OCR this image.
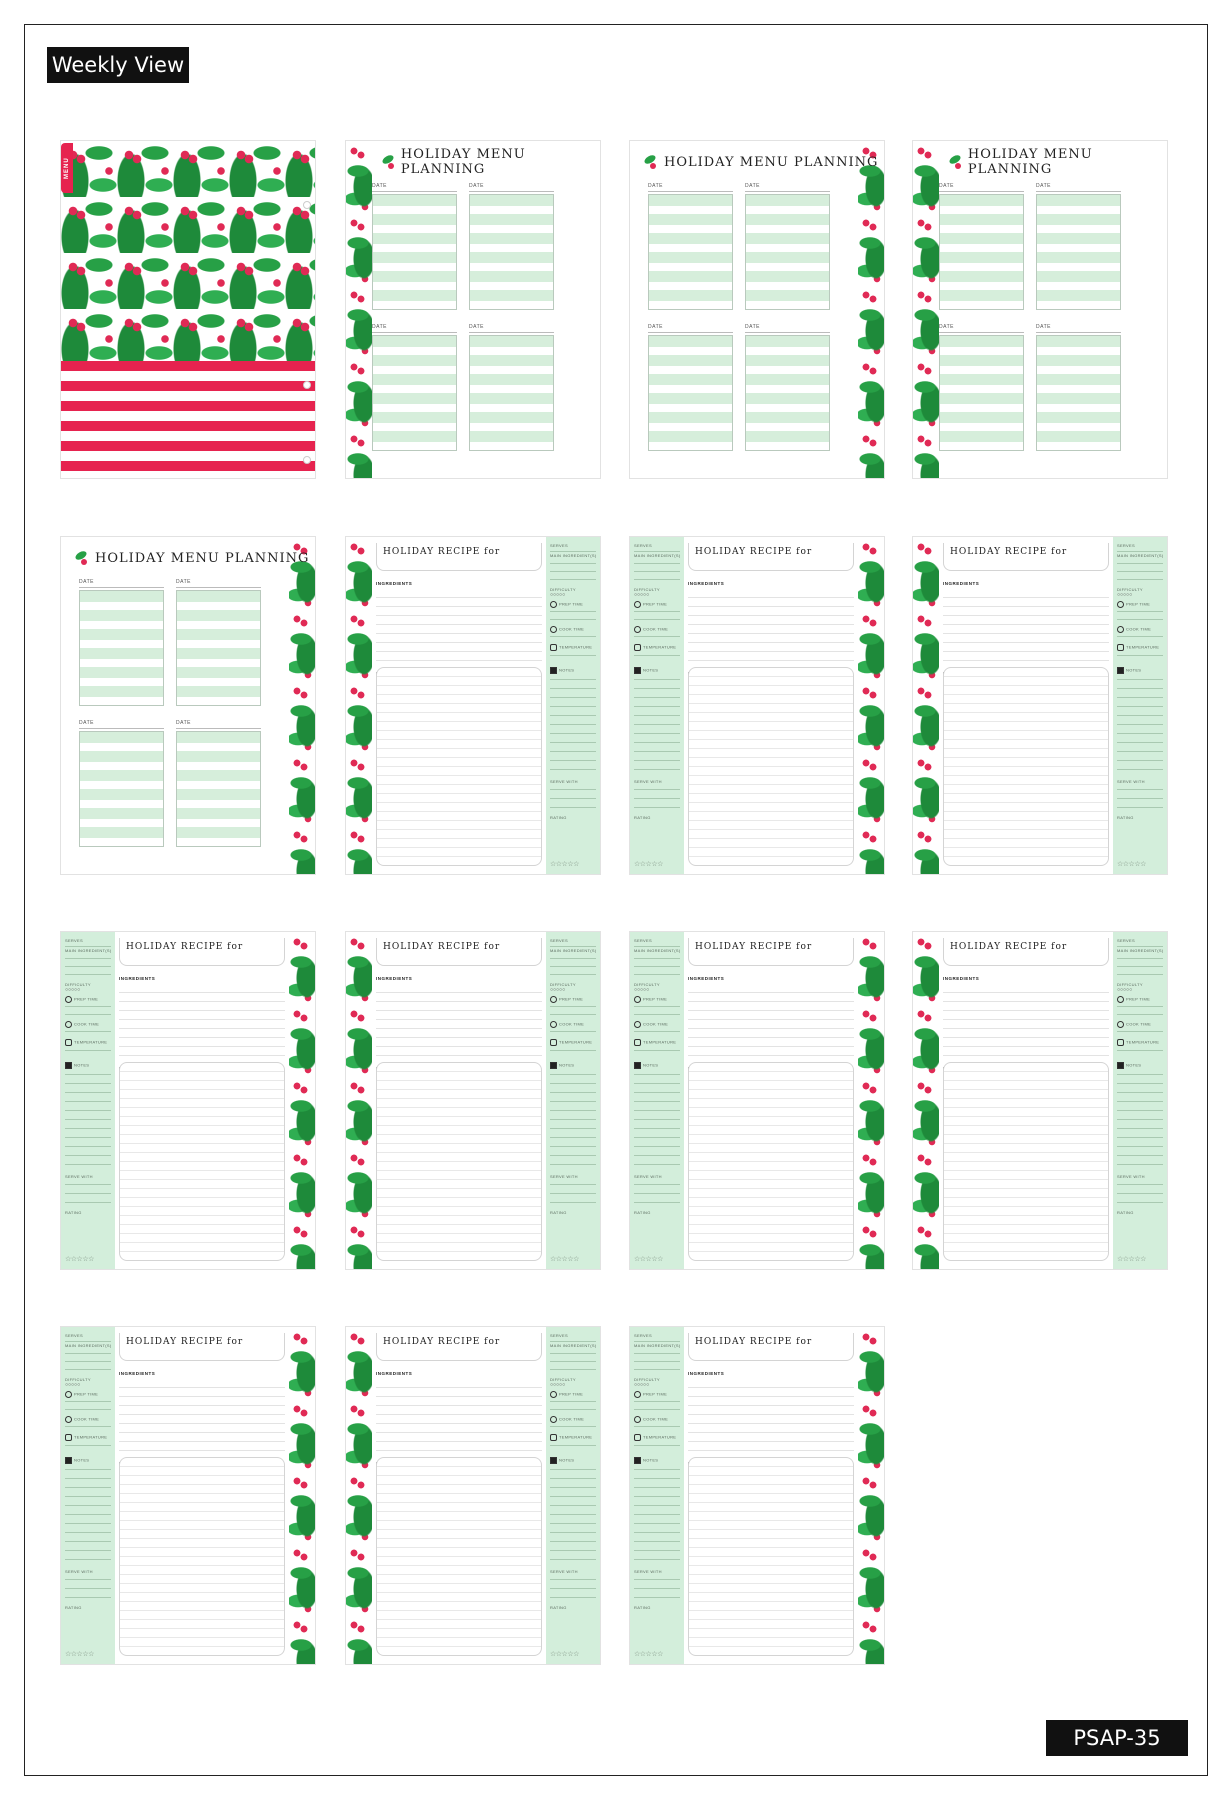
Weekly View
PSAP-35
MENU
HOLIDAY MENU PLANNING
DATE	DATE
DATE	DATE
HOLIDAY MENU PLANNING
DATE	DATE
DATE	DATE
HOLIDAY MENU PLANNING
DATE	DATE
DATE	DATE
HOLIDAY MENU PLANNING
DATE	DATE
DATE	DATE
HOLIDAY RECIPE for
INGREDIENTS
SERVES
MAIN INGREDIENT(S)
DIFFICULTY
○○○○○
PREP TIME
COOK TIME
TEMPERATURE
NOTES
SERVE WITH
RATING
☆☆☆☆☆
HOLIDAY RECIPE for
INGREDIENTS
SERVES
MAIN INGREDIENT(S)
DIFFICULTY
○○○○○
PREP TIME
COOK TIME
TEMPERATURE
NOTES
SERVE WITH
RATING
☆☆☆☆☆
HOLIDAY RECIPE for
INGREDIENTS
SERVES
MAIN INGREDIENT(S)
DIFFICULTY
○○○○○
PREP TIME
COOK TIME
TEMPERATURE
NOTES
SERVE WITH
RATING
☆☆☆☆☆
HOLIDAY RECIPE for
INGREDIENTS
SERVES
MAIN INGREDIENT(S)
DIFFICULTY
○○○○○
PREP TIME
COOK TIME
TEMPERATURE
NOTES
SERVE WITH
RATING
☆☆☆☆☆
HOLIDAY RECIPE for
INGREDIENTS
SERVES
MAIN INGREDIENT(S)
DIFFICULTY
○○○○○
PREP TIME
COOK TIME
TEMPERATURE
NOTES
SERVE WITH
RATING
☆☆☆☆☆
HOLIDAY RECIPE for
INGREDIENTS
SERVES
MAIN INGREDIENT(S)
DIFFICULTY
○○○○○
PREP TIME
COOK TIME
TEMPERATURE
NOTES
SERVE WITH
RATING
☆☆☆☆☆
HOLIDAY RECIPE for
INGREDIENTS
SERVES
MAIN INGREDIENT(S)
DIFFICULTY
○○○○○
PREP TIME
COOK TIME
TEMPERATURE
NOTES
SERVE WITH
RATING
☆☆☆☆☆
HOLIDAY RECIPE for
INGREDIENTS
SERVES
MAIN INGREDIENT(S)
DIFFICULTY
○○○○○
PREP TIME
COOK TIME
TEMPERATURE
NOTES
SERVE WITH
RATING
☆☆☆☆☆
HOLIDAY RECIPE for
INGREDIENTS
SERVES
MAIN INGREDIENT(S)
DIFFICULTY
○○○○○
PREP TIME
COOK TIME
TEMPERATURE
NOTES
SERVE WITH
RATING
☆☆☆☆☆
HOLIDAY RECIPE for
INGREDIENTS
SERVES
MAIN INGREDIENT(S)
DIFFICULTY
○○○○○
PREP TIME
COOK TIME
TEMPERATURE
NOTES
SERVE WITH
RATING
☆☆☆☆☆
